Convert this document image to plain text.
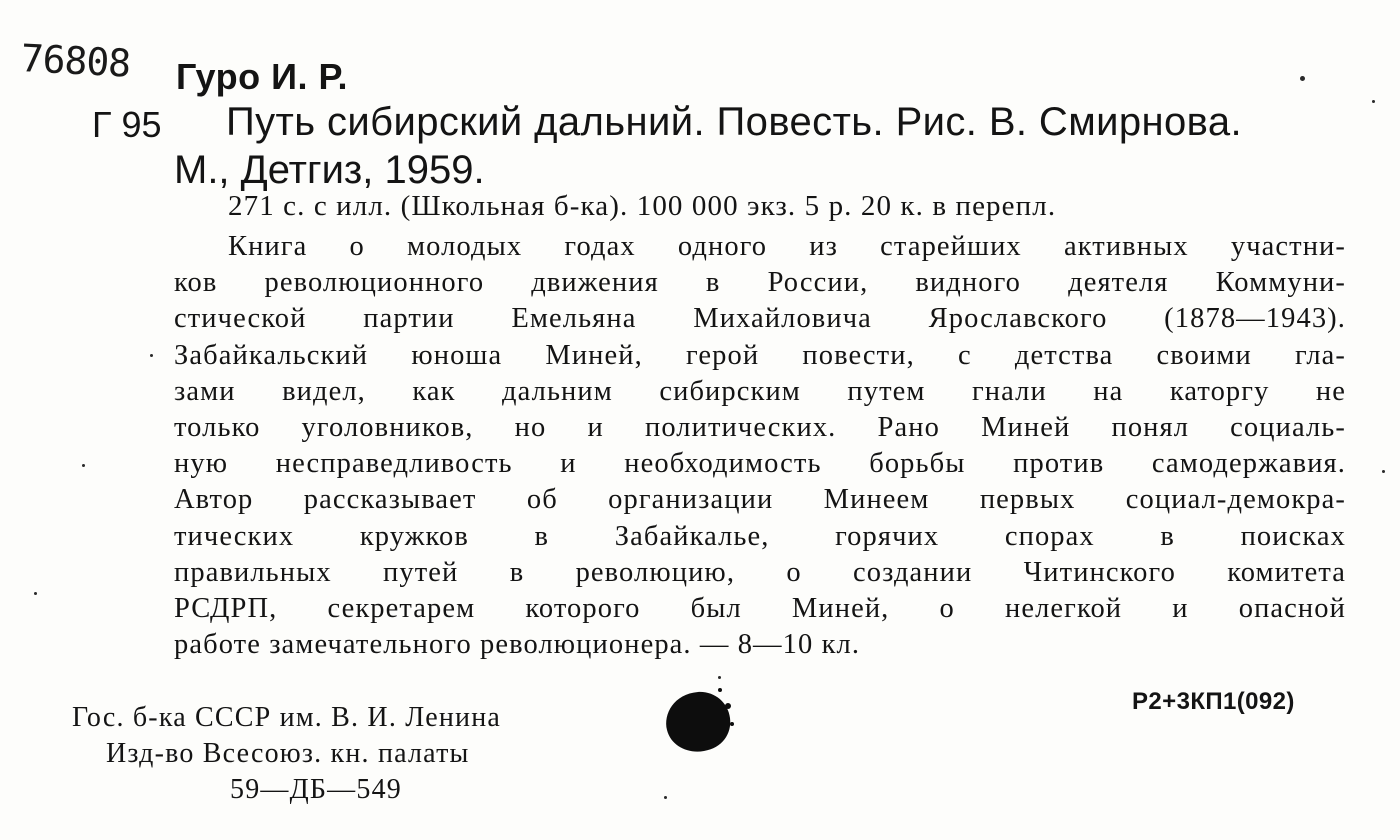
76808 Гуро И. Р.
Г 95 Путь сибирский дальний. Повесть. Рис. В. Смирнова.
М., Детгиз, 1959.
271 с. с илл. (Школьная б-ка). 100 000 экз. 5 р. 20 к. в перепл.
Книга о молодых годах одного из старейших активных участни-
ков революционного движения в России, видного деятеля Коммуни-
стической партии Емельяна Михайловича Ярославского (1878—1943).
Забайкальский юноша Миней, герой повести, с детства своими гла-
зами видел, как дальним сибирским путем гнали на каторгу не
только уголовников, но и политических. Рано Миней понял социаль-
ную несправедливость и необходимость борьбы против самодержавия.
Автор рассказывает об организации Минеем первых социал-демокра-
тических кружков в Забайкалье, горячих спорах в поисках
правильных путей в революцию, о создании Читинского комитета
РСДРП, секретарем которого был Миней, о нелегкой и опасной
работе замечательного революционера. — 8—10 кл.
Гос. б-ка СССР им. В. И. Ленина
Изд-во Всесоюз. кн. палаты
59—ДБ—549
Р2+3КП1(092)
